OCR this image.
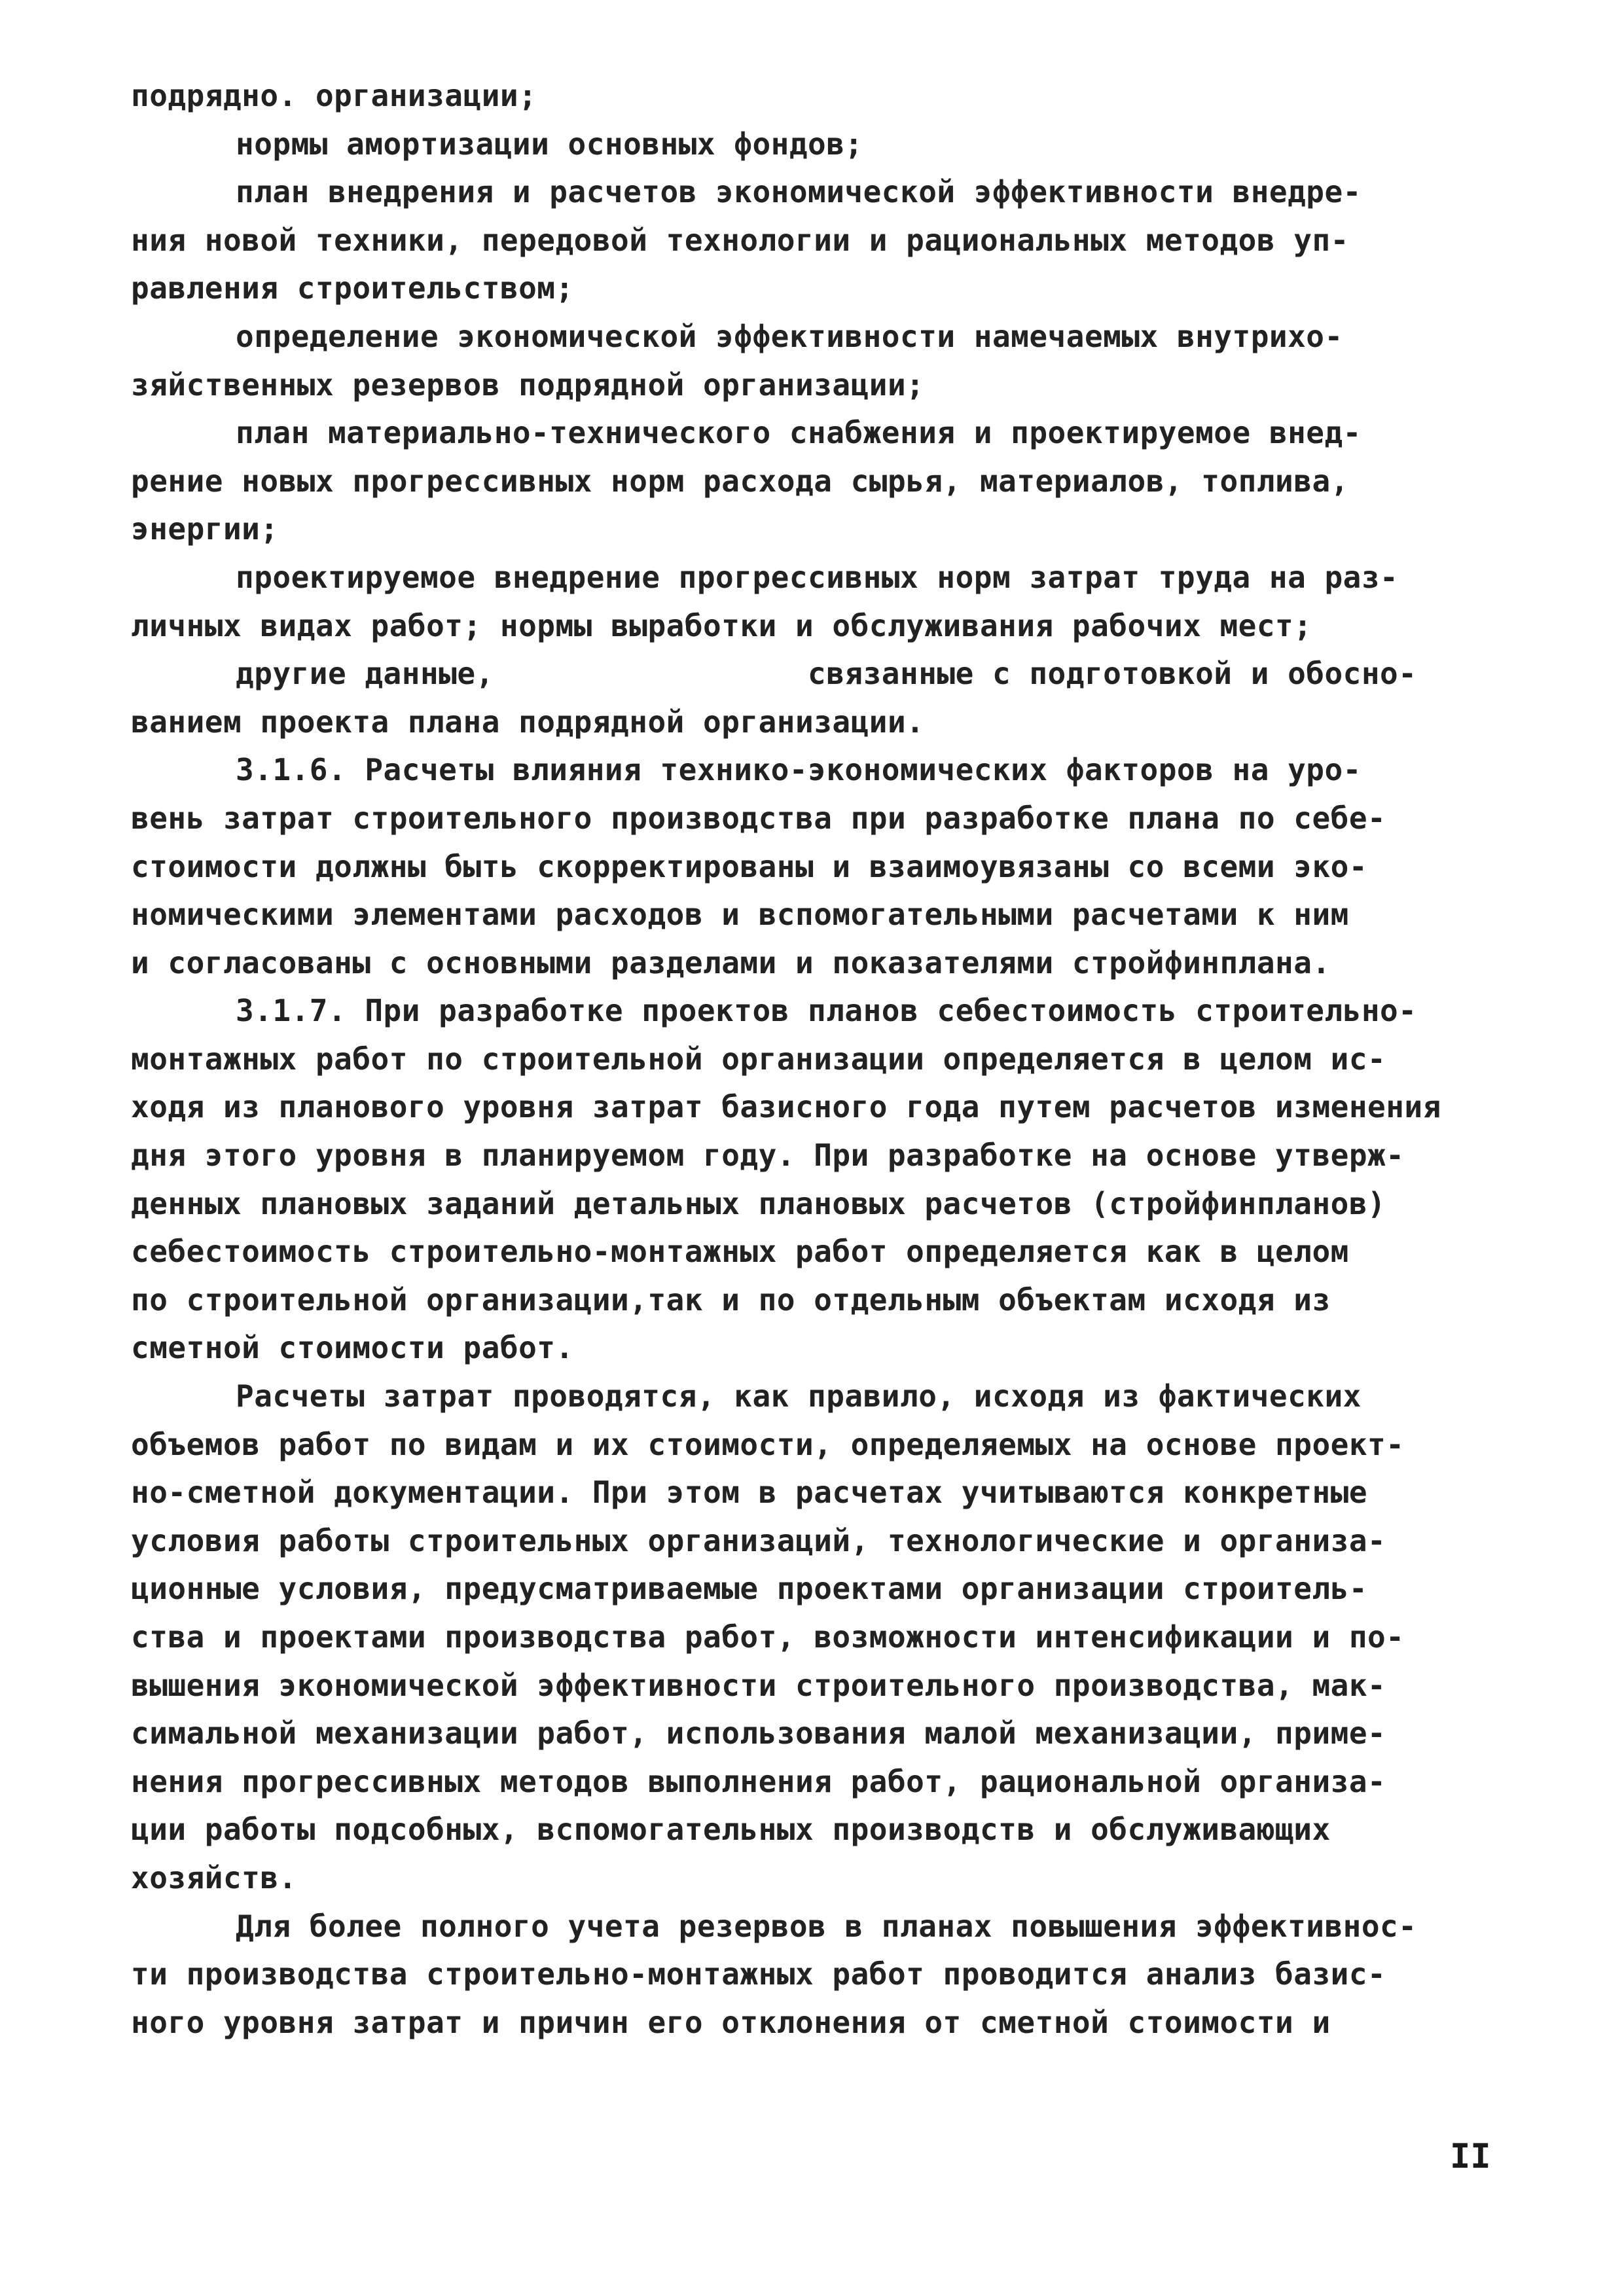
подрядно. организации;
нормы амортизации основных фондов;
план внедрения и расчетов экономической эффективности внедре-
ния новой техники, передовой технологии и рациональных методов уп-
равления строительством;
определение экономической эффективности намечаемых внутрихо-
зяйственных резервов подрядной организации;
план материально-технического снабжения и проектируемое внед-
рение новых прогрессивных норм расхода сырья, материалов, топлива,
энергии;
проектируемое внедрение прогрессивных норм затрат труда на раз-
личных видах работ; нормы выработки и обслуживания рабочих мест;
другие данные,                 связанные с подготовкой и обосно-
ванием проекта плана подрядной организации.
3.1.6. Расчеты влияния технико-экономических факторов на уро-
вень затрат строительного производства при разработке плана по себе-
стоимости должны быть скорректированы и взаимоувязаны со всеми эко-
номическими элементами расходов и вспомогательными расчетами к ним
и согласованы с основными разделами и показателями стройфинплана.
3.1.7. При разработке проектов планов себестоимость строительно-
монтажных работ по строительной организации определяется в целом ис-
ходя из планового уровня затрат базисного года путем расчетов изменения
дня этого уровня в планируемом году. При разработке на основе утверж-
денных плановых заданий детальных плановых расчетов (стройфинпланов)
себестоимость строительно-монтажных работ определяется как в целом
по строительной организации,так и по отдельным объектам исходя из
сметной стоимости работ.
Расчеты затрат проводятся, как правило, исходя из фактических
объемов работ по видам и их стоимости, определяемых на основе проект-
но-сметной документации. При этом в расчетах учитываются конкретные
условия работы строительных организаций, технологические и организа-
ционные условия, предусматриваемые проектами организации строитель-
ства и проектами производства работ, возможности интенсификации и по-
вышения экономической эффективности строительного производства, мак-
симальной механизации работ, использования малой механизации, приме-
нения прогрессивных методов выполнения работ, рациональной организа-
ции работы подсобных, вспомогательных производств и обслуживающих
хозяйств.
Для более полного учета резервов в планах повышения эффективнос-
ти производства строительно-монтажных работ проводится анализ базис-
ного уровня затрат и причин его отклонения от сметной стоимости и
II
